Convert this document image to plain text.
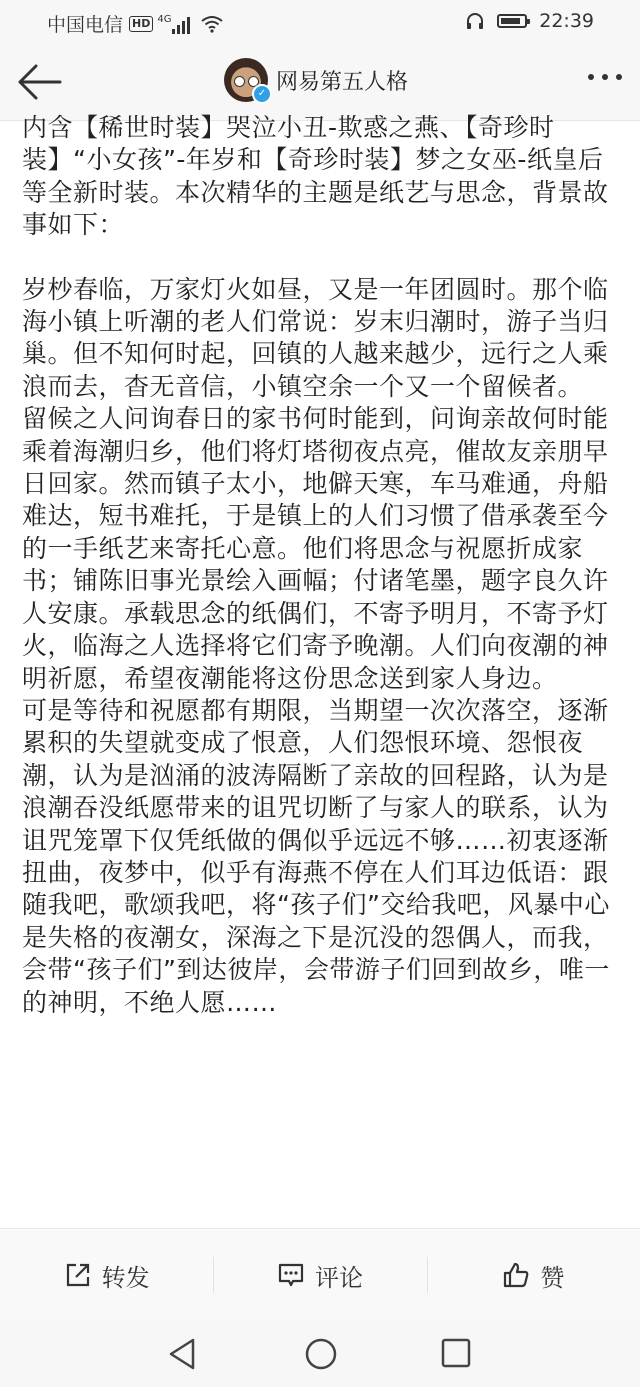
中国电信 HD 4G	22:39
✓ 网易第五人格

内含【稀世时装】哭泣小丑-欺惑之燕、【奇珍时装】“小女孩”-年岁和【奇珍时装】梦之女巫-纸皇后等全新时装。本次精华的主题是纸艺与思念，背景故事如下：

岁杪春临，万家灯火如昼，又是一年团圆时。那个临海小镇上听潮的老人们常说：岁末归潮时，游子当归巢。但不知何时起，回镇的人越来越少，远行之人乘浪而去，杳无音信，小镇空余一个又一个留候者。

留候之人问询春日的家书何时能到，问询亲故何时能乘着海潮归乡，他们将灯塔彻夜点亮，催故友亲朋早日回家。然而镇子太小，地僻天寒，车马难通，舟船难达，短书难托，于是镇上的人们习惯了借承袭至今的一手纸艺来寄托心意。他们将思念与祝愿折成家书；铺陈旧事光景绘入画幅；付诸笔墨，题字良久许人安康。承载思念的纸偶们，不寄予明月，不寄予灯火，临海之人选择将它们寄予晚潮。人们向夜潮的神明祈愿，希望夜潮能将这份思念送到家人身边。

可是等待和祝愿都有期限，当期望一次次落空，逐渐累积的失望就变成了恨意，人们怨恨环境、怨恨夜潮，认为是汹涌的波涛隔断了亲故的回程路，认为是浪潮吞没纸愿带来的诅咒切断了与家人的联系，认为诅咒笼罩下仅凭纸做的偶似乎远远不够……初衷逐渐扭曲，夜梦中，似乎有海燕不停在人们耳边低语：跟随我吧，歌颂我吧，将“孩子们”交给我吧，风暴中心是失格的夜潮女，深海之下是沉没的怨偶人，而我，会带“孩子们”到达彼岸，会带游子们回到故乡，唯一的神明，不绝人愿……

转发	评论	赞
